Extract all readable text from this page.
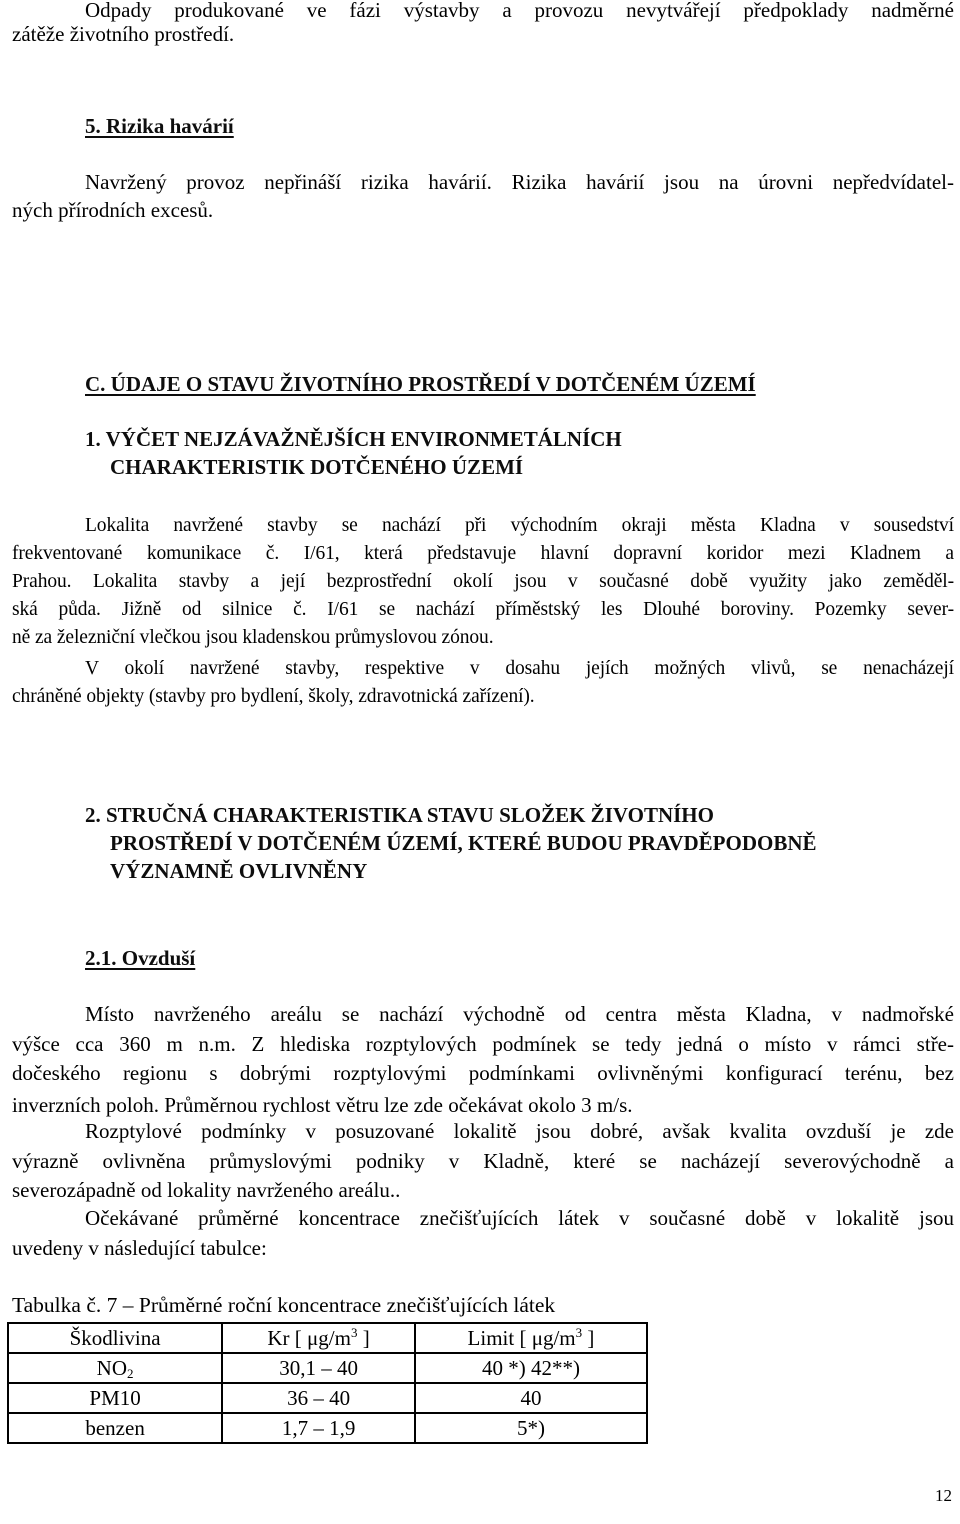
Odpady produkované ve fázi výstavby a provozu nevytvářejí předpoklady nadměrné
zátěže životního prostředí.
5. Rizika havárií
Navržený provoz nepřináší rizika havárií. Rizika havárií jsou na úrovni nepředvídatel-
ných přírodních excesů.
C. ÚDAJE O STAVU ŽIVOTNÍHO PROSTŘEDÍ V DOTČENÉM ÚZEMÍ
1. VÝČET NEJZÁVAŽNĚJŠÍCH ENVIRONMETÁLNÍCH
CHARAKTERISTIK DOTČENÉHO ÚZEMÍ
Lokalita navržené stavby se nachází při východním okraji města Kladna v sousedství
frekventované komunikace č. I/61, která představuje hlavní dopravní koridor mezi Kladnem a
Prahou. Lokalita stavby a její bezprostřední okolí jsou v současné době využity jako zeměděl-
ská půda. Jižně od silnice č. I/61 se nachází příměstský les Dlouhé boroviny. Pozemky sever-
ně za železniční vlečkou jsou kladenskou průmyslovou zónou.
V okolí navržené stavby, respektive v dosahu jejích možných vlivů, se nenacházejí
chráněné objekty (stavby pro bydlení, školy, zdravotnická zařízení).
2. STRUČNÁ CHARAKTERISTIKA STAVU SLOŽEK ŽIVOTNÍHO
PROSTŘEDÍ V DOTČENÉM ÚZEMÍ, KTERÉ BUDOU PRAVDĚPODOBNĚ
VÝZNAMNĚ OVLIVNĚNY
2.1. Ovzduší
Místo navrženého areálu se nachází východně od centra města Kladna, v nadmořské
výšce cca 360 m n.m. Z hlediska rozptylových podmínek se tedy jedná o místo v rámci stře-
dočeského regionu s dobrými rozptylovými podmínkami ovlivněnými konfigurací terénu, bez
inverzních poloh. Průměrnou rychlost větru lze zde očekávat okolo 3 m/s.
Rozptylové podmínky v posuzované lokalitě jsou dobré, avšak kvalita ovzduší je zde
výrazně ovlivněna průmyslovými podniky v Kladně, které se nacházejí severovýchodně a
severozápadně od lokality navrženého areálu..
Očekávané průměrné koncentrace znečišťujících látek v současné době v lokalitě jsou
uvedeny v následující tabulce:
Tabulka č. 7 – Průměrné roční koncentrace znečišťujících látek
Škodlivina	Kr [ $\mu g/m^3$ ]	Limit [ $\mu g/m^3$ ]
$NO_2$	30,1 – 40	40 *) 42**)
PM10	36 – 40	40
benzen	1,7 – 1,9	5*)
12
